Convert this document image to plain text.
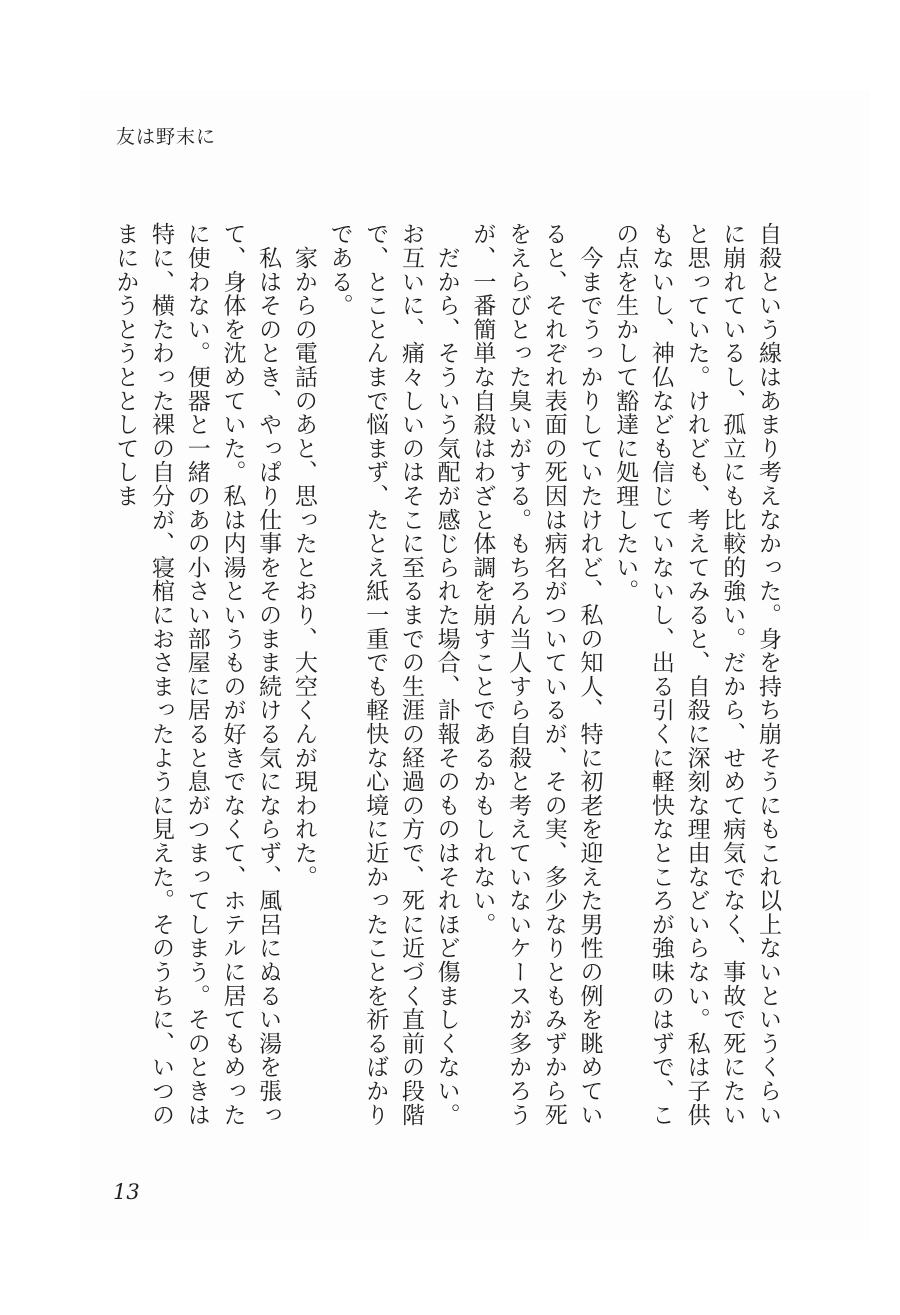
友は野末に

自殺という線はあまり考えなかった。身を持ち崩そうにもこれ以上ないというくらいに崩れているし、孤立にも比較的強い。だから、せめて病気でなく、事故で死にたいと思っていた。けれども、考えてみると、自殺に深刻な理由などいらない。私は子供もないし、神仏なども信じていないし、出る引くに軽快なところが強味のはずで、この点を生かして豁達に処理したい。

　今までうっかりしていたけれど、私の知人、特に初老を迎えた男性の例を眺めていると、それぞれ表面の死因は病名がついているが、その実、多少なりともみずから死をえらびとった臭いがする。もちろん当人すら自殺と考えていないケースが多かろうが、一番簡単な自殺はわざと体調を崩すことであるかもしれない。

　だから、そういう気配が感じられた場合、訃報そのものはそれほど傷ましくない。お互いに、痛々しいのはそこに至るまでの生涯の経過の方で、死に近づく直前の段階で、とことんまで悩まず、たとえ紙一重でも軽快な心境に近かったことを祈るばかりである。

　家からの電話のあと、思ったとおり、大空くんが現われた。

　私はそのとき、やっぱり仕事をそのまま続ける気にならず、風呂にぬるい湯を張って、身体を沈めていた。私は内湯というものが好きでなくて、ホテルに居てもめったに使わない。便器と一緒のあの小さい部屋に居ると息がつまってしまう。そのときは特に、横たわった裸の自分が、寝棺におさまったように見えた。そのうちに、いつのまにかうとうととしてしま

13
